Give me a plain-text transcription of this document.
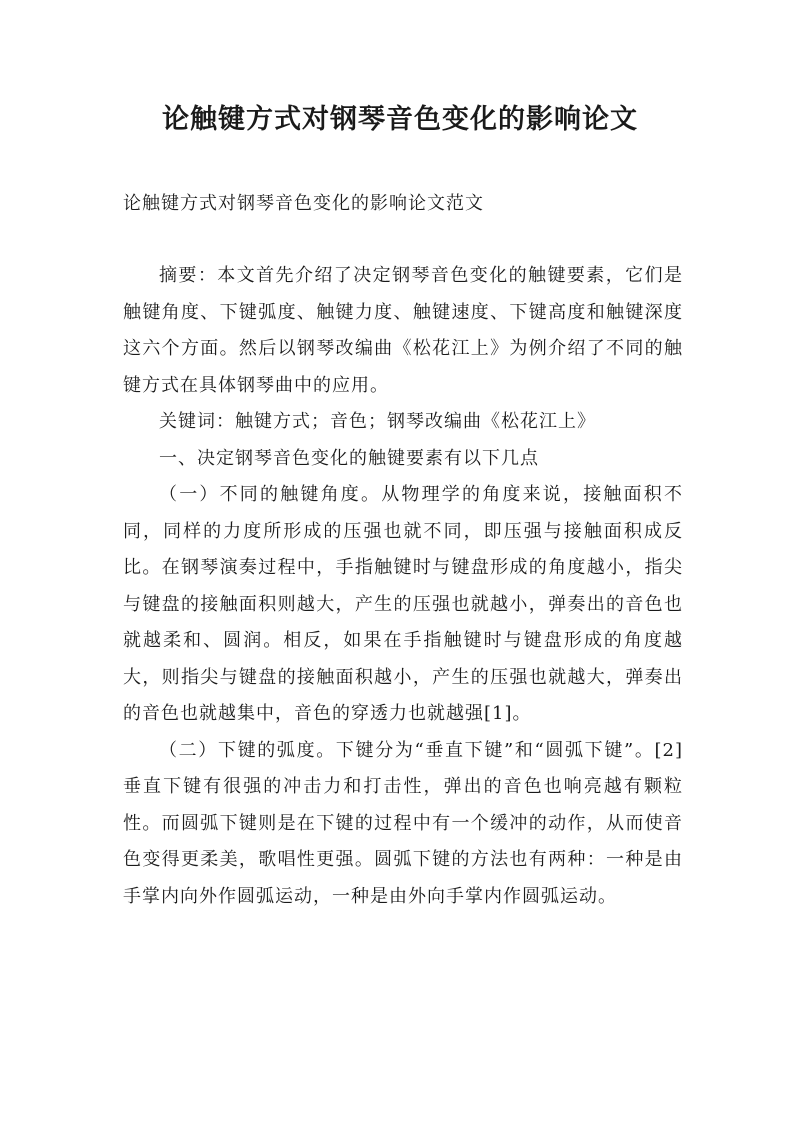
论触键方式对钢琴音色变化的影响论文
论触键方式对钢琴音色变化的影响论文范文

摘要：本文首先介绍了决定钢琴音色变化的触键要素，它们是触键角度、下键弧度、触键力度、触键速度、下键高度和触键深度这六个方面。然后以钢琴改编曲《松花江上》为例介绍了不同的触键方式在具体钢琴曲中的应用。

关键词：触键方式；音色；钢琴改编曲《松花江上》

一、决定钢琴音色变化的触键要素有以下几点

（一）不同的触键角度。从物理学的角度来说，接触面积不同，同样的力度所形成的压强也就不同，即压强与接触面积成反比。在钢琴演奏过程中，手指触键时与键盘形成的角度越小，指尖与键盘的接触面积则越大，产生的压强也就越小，弹奏出的音色也就越柔和、圆润。相反，如果在手指触键时与键盘形成的角度越大，则指尖与键盘的接触面积越小，产生的压强也就越大，弹奏出的音色也就越集中，音色的穿透力也就越强[1]。

（二）下键的弧度。下键分为“垂直下键”和“圆弧下键”。[2]垂直下键有很强的冲击力和打击性，弹出的音色也响亮越有颗粒性。而圆弧下键则是在下键的过程中有一个缓冲的动作，从而使音色变得更柔美，歌唱性更强。圆弧下键的方法也有两种：一种是由手掌内向外作圆弧运动，一种是由外向手掌内作圆弧运动。
